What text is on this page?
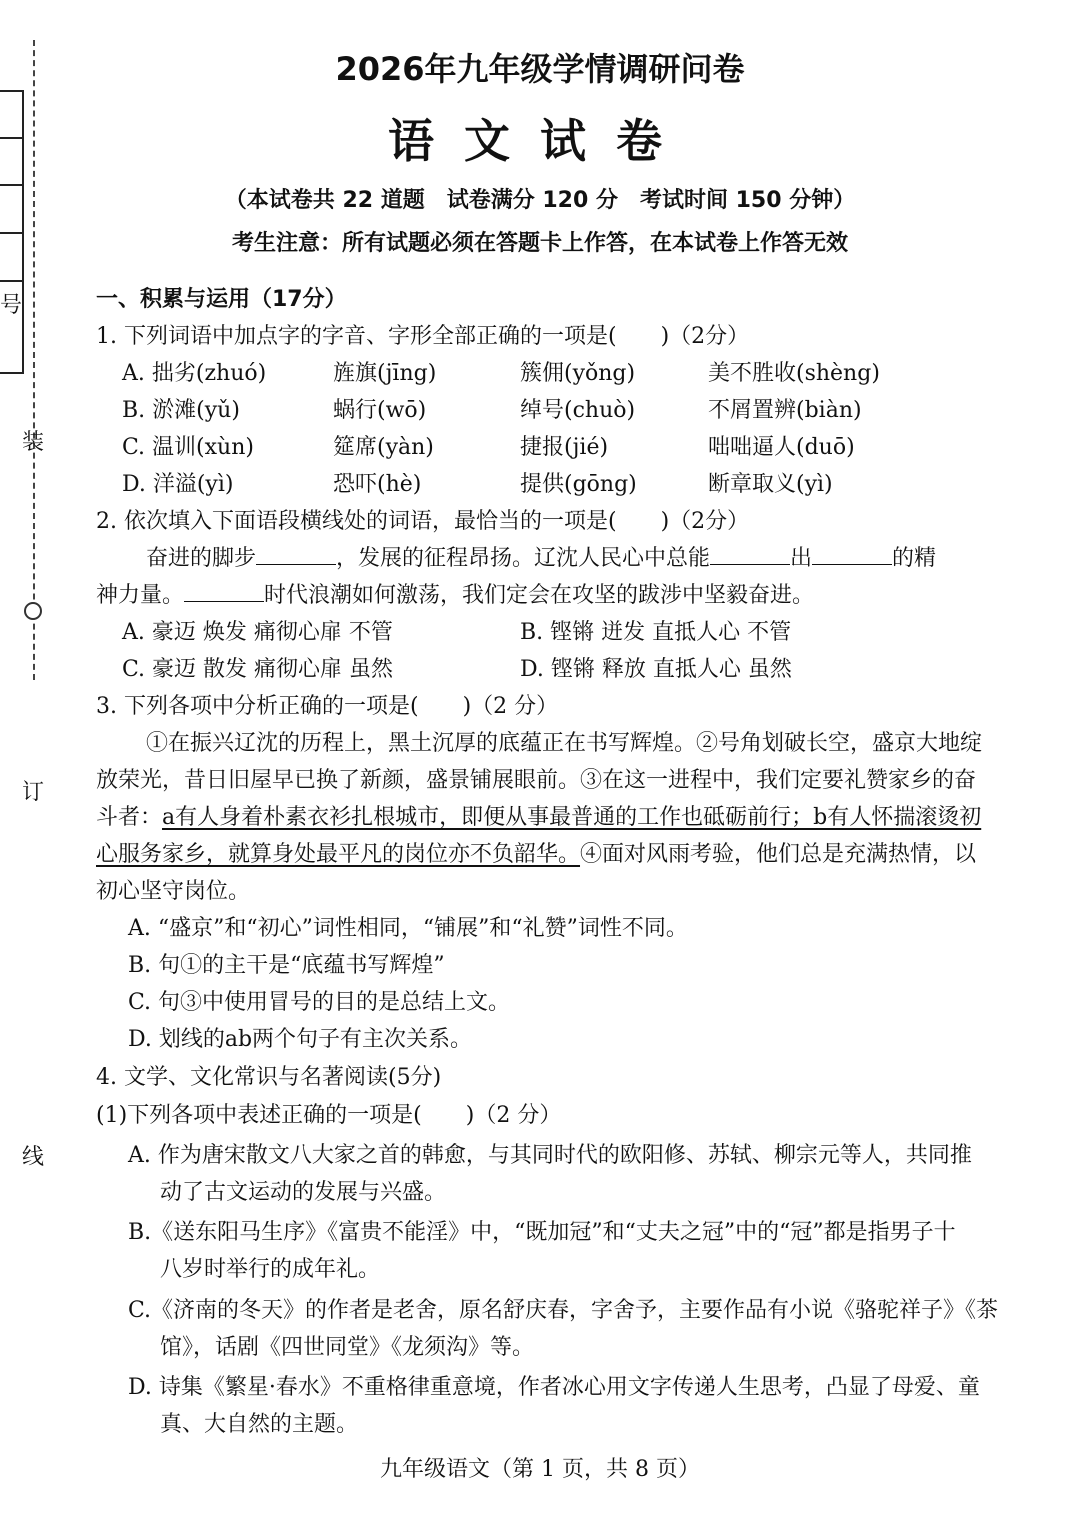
号
装
订
线
2026年九年级学情调研问卷
语文试卷
（本试卷共 22 道题　试卷满分 120 分　考试时间 150 分钟）
考生注意：所有试题必须在答题卡上作答，在本试卷上作答无效
一、积累与运用（17分）
1. 下列词语中加点字的字音、字形全部正确的一项是(　　)（2分）
A. 拙劣(zhuó)	旌旗(jīng)	簇佣(yǒng)	美不胜收(shèng)
B. 淤滩(yǔ)	蜗行(wō)	绰号(chuò)	不屑置辨(biàn)
C. 温训(xùn)	筵席(yàn)	捷报(jié)	咄咄逼人(duō)
D. 洋溢(yì)	恐吓(hè)	提供(gōng)	断章取义(yì)
2. 依次填入下面语段横线处的词语，最恰当的一项是(　　)（2分）
奋进的脚步	，发展的征程昂扬。辽沈人民心中总能	出	的精
神力量。	时代浪潮如何激荡，我们定会在攻坚的跋涉中坚毅奋进。
A. 豪迈 焕发 痛彻心扉 不管	B. 铿锵 迸发 直抵人心 不管
C. 豪迈 散发 痛彻心扉 虽然	D. 铿锵 释放 直抵人心 虽然
3. 下列各项中分析正确的一项是(　　)（2 分）
①在振兴辽沈的历程上，黑土沉厚的底蕴正在书写辉煌。②号角划破长空，盛京大地绽
放荣光，昔日旧屋早已换了新颜，盛景铺展眼前。③在这一进程中，我们定要礼赞家乡的奋
斗者：a有人身着朴素衣衫扎根城市，即便从事最普通的工作也砥砺前行；b有人怀揣滚烫初
心服务家乡，就算身处最平凡的岗位亦不负韶华。④面对风雨考验，他们总是充满热情，以
初心坚守岗位。
A. “盛京”和“初心”词性相同，“铺展”和“礼赞”词性不同。
B. 句①的主干是“底蕴书写辉煌”
C. 句③中使用冒号的目的是总结上文。
D. 划线的ab两个句子有主次关系。
4. 文学、文化常识与名著阅读(5分)
(1)下列各项中表述正确的一项是(　　)（2 分）
A. 作为唐宋散文八大家之首的韩愈，与其同时代的欧阳修、苏轼、柳宗元等人，共同推
动了古文运动的发展与兴盛。
B.《送东阳马生序》《富贵不能淫》中，“既加冠”和“丈夫之冠”中的“冠”都是指男子十
八岁时举行的成年礼。
C.《济南的冬天》的作者是老舍，原名舒庆春，字舍予，主要作品有小说《骆驼祥子》《茶
馆》，话剧《四世同堂》《龙须沟》等。
D. 诗集《繁星·春水》不重格律重意境，作者冰心用文字传递人生思考，凸显了母爱、童
真、大自然的主题。
九年级语文（第 1 页，共 8 页）
